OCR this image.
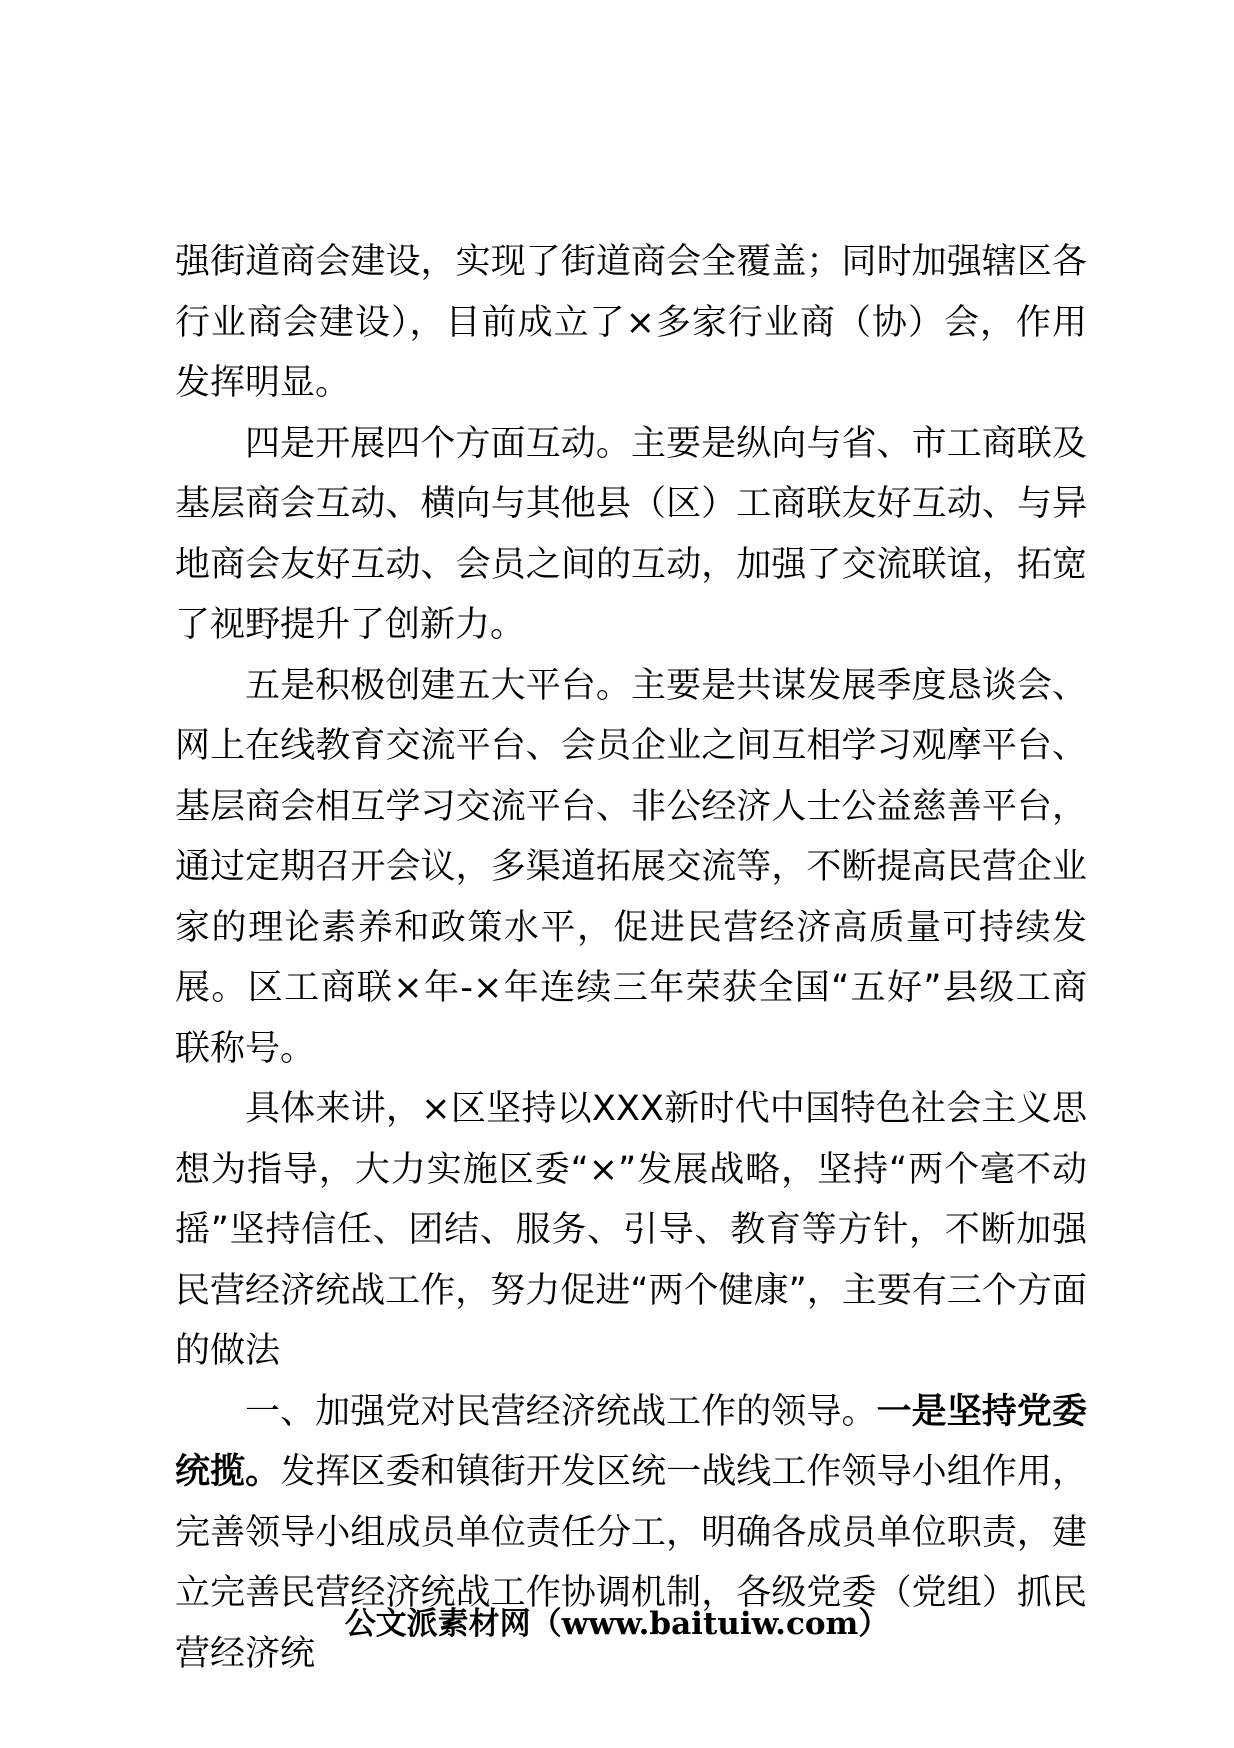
强街道商会建设，实现了街道商会全覆盖；同时加强辖区各行业商会建设），目前成立了×多家行业商（协）会，作用发挥明显。

四是开展四个方面互动。主要是纵向与省、市工商联及基层商会互动、横向与其他县（区）工商联友好互动、与异地商会友好互动、会员之间的互动，加强了交流联谊，拓宽了视野提升了创新力。

五是积极创建五大平台。主要是共谋发展季度恳谈会、网上在线教育交流平台、会员企业之间互相学习观摩平台、基层商会相互学习交流平台、非公经济人士公益慈善平台，通过定期召开会议，多渠道拓展交流等，不断提高民营企业家的理论素养和政策水平，促进民营经济高质量可持续发展。区工商联×年-×年连续三年荣获全国“五好”县级工商联称号。

具体来讲，×区坚持以XXX新时代中国特色社会主义思想为指导，大力实施区委“×”发展战略，坚持“两个毫不动摇”坚持信任、团结、服务、引导、教育等方针，不断加强民营经济统战工作，努力促进“两个健康”，主要有三个方面的做法

一、加强党对民营经济统战工作的领导。一是坚持党委统揽。发挥区委和镇街开发区统一战线工作领导小组作用，完善领导小组成员单位责任分工，明确各成员单位职责，建立完善民营经济统战工作协调机制，各级党委（党组）抓民营经济统

公文派素材网（www.baituiw.com）
